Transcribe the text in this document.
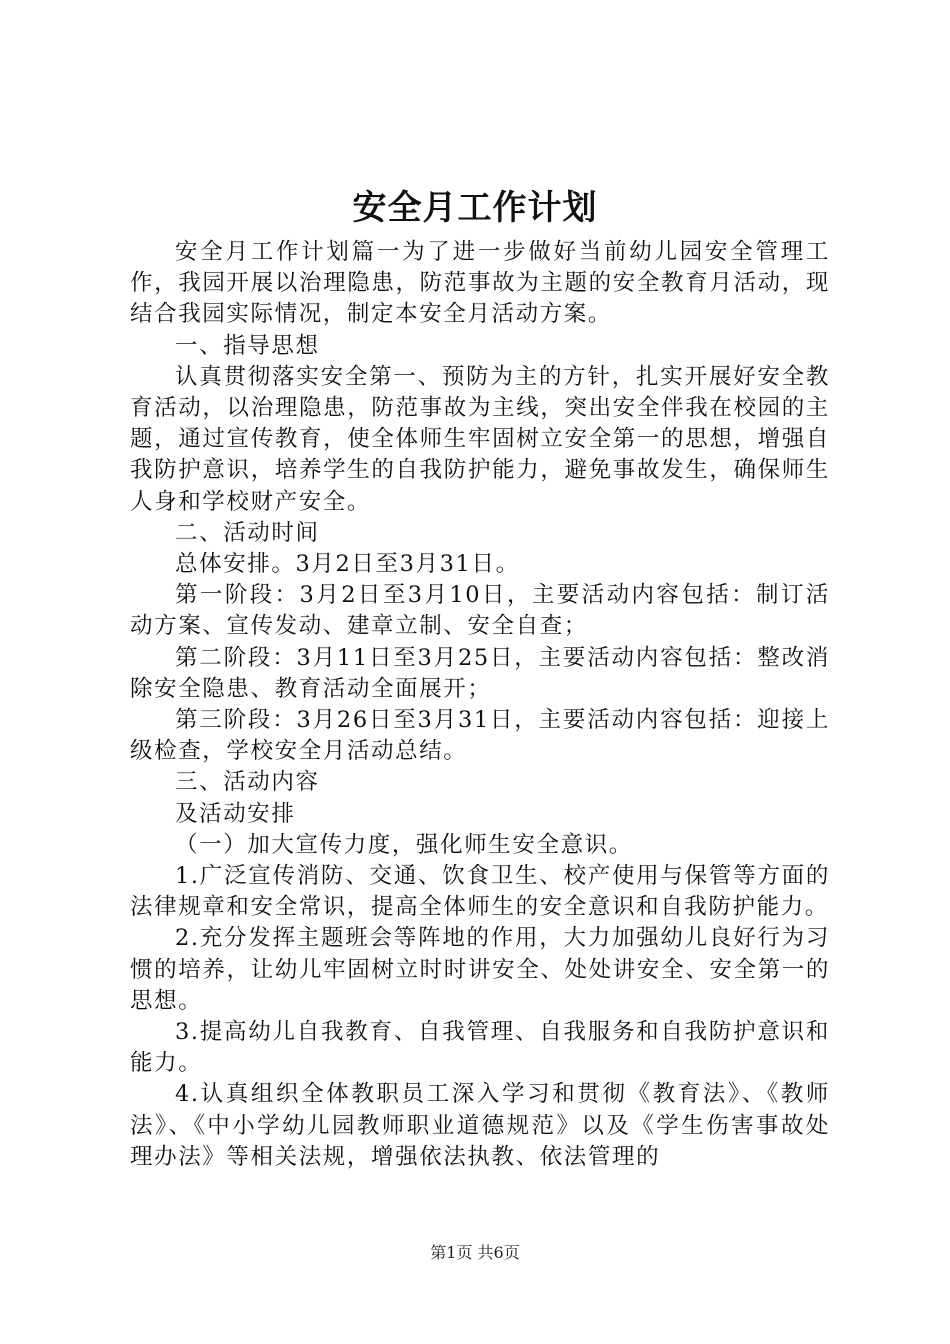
安全月工作计划

安全月工作计划篇一为了进一步做好当前幼儿园安全管理工作，我园开展以治理隐患，防范事故为主题的安全教育月活动，现结合我园实际情况，制定本安全月活动方案。

一、指导思想

认真贯彻落实安全第一、预防为主的方针，扎实开展好安全教育活动，以治理隐患，防范事故为主线，突出安全伴我在校园的主题，通过宣传教育，使全体师生牢固树立安全第一的思想，增强自我防护意识，培养学生的自我防护能力，避免事故发生，确保师生人身和学校财产安全。

二、活动时间

总体安排。3月2日至3月31日。

第一阶段：3月2日至3月10日，主要活动内容包括：制订活动方案、宣传发动、建章立制、安全自查；

第二阶段：3月11日至3月25日，主要活动内容包括：整改消除安全隐患、教育活动全面展开；

第三阶段：3月26日至3月31日，主要活动内容包括：迎接上级检查，学校安全月活动总结。

三、活动内容

及活动安排

（一）加大宣传力度，强化师生安全意识。

1.广泛宣传消防、交通、饮食卫生、校产使用与保管等方面的法律规章和安全常识，提高全体师生的安全意识和自我防护能力。

2.充分发挥主题班会等阵地的作用，大力加强幼儿良好行为习惯的培养，让幼儿牢固树立时时讲安全、处处讲安全、安全第一的思想。

3.提高幼儿自我教育、自我管理、自我服务和自我防护意识和能力。

4.认真组织全体教职员工深入学习和贯彻《教育法》、《教师法》、《中小学幼儿园教师职业道德规范》以及《学生伤害事故处理办法》等相关法规，增强依法执教、依法管理的

第1页 共6页
